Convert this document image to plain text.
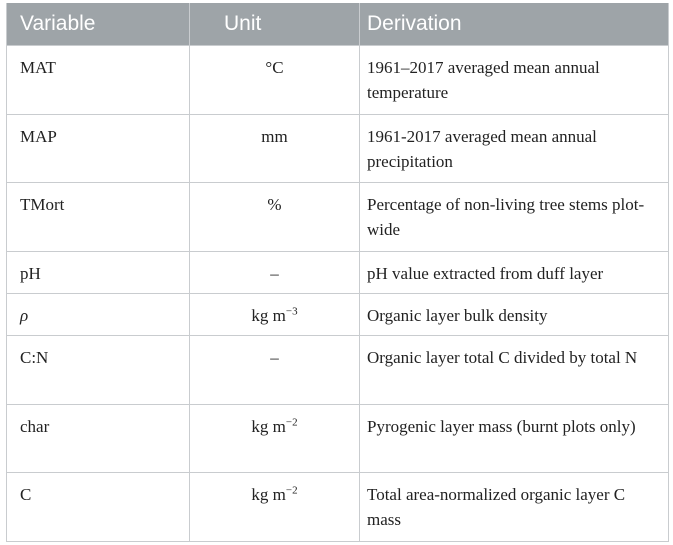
Variable	Unit	Derivation
MAT	°C	1961–2017 averaged mean annual temperature
MAP	mm	1961-2017 averaged mean annual precipitation
TMort	%	Percentage of non-living tree stems plot-wide
pH	–	pH value extracted from duff layer
ρ	kg $m^{-3}$	Organic layer bulk density
C:N	–	Organic layer total C divided by total N
char	kg $m^{-2}$	Pyrogenic layer mass (burnt plots only)
C	kg $m^{-2}$	Total area-normalized organic layer C mass
